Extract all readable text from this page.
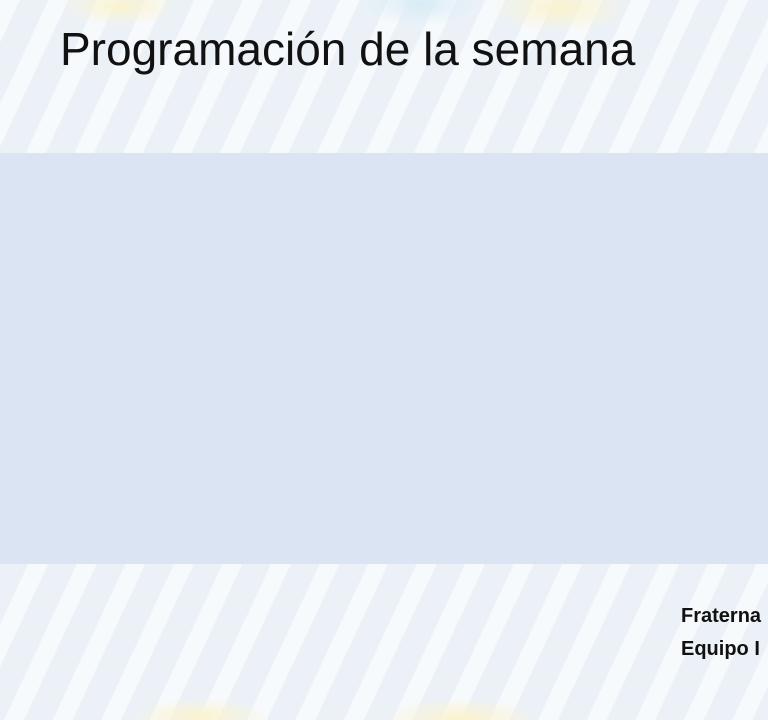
Programación de la semana
Fraterna
Equipo I
